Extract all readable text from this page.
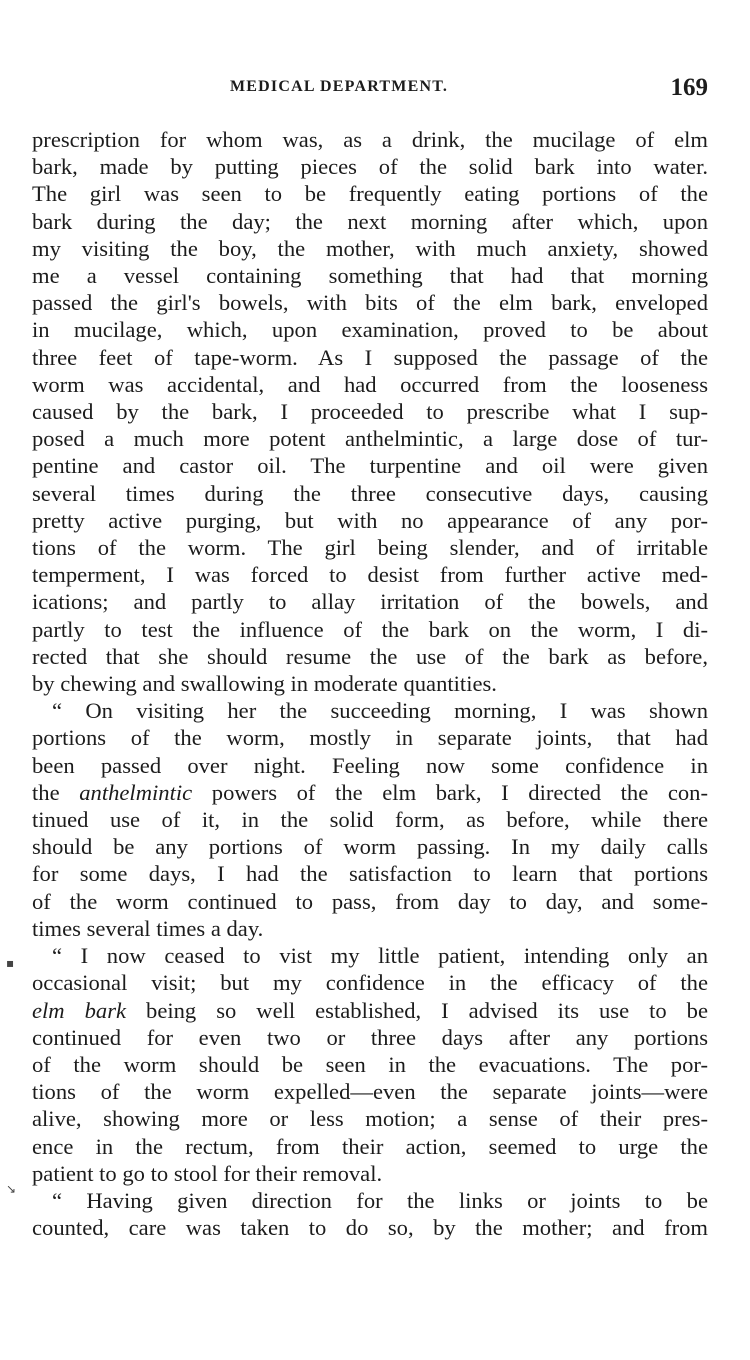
MEDICAL DEPARTMENT.	169
prescription for whom was, as a drink, the mucilage of elm
bark, made by putting pieces of the solid bark into water.
The girl was seen to be frequently eating portions of the
bark during the day; the next morning after which, upon
my visiting the boy, the mother, with much anxiety, showed
me a vessel containing something that had that morning
passed the girl's bowels, with bits of the elm bark, enveloped
in mucilage, which, upon examination, proved to be about
three feet of tape-worm. As I supposed the passage of the
worm was accidental, and had occurred from the looseness
caused by the bark, I proceeded to prescribe what I sup-
posed a much more potent anthelmintic, a large dose of tur-
pentine and castor oil. The turpentine and oil were given
several times during the three consecutive days, causing
pretty active purging, but with no appearance of any por-
tions of the worm. The girl being slender, and of irritable
temperment, I was forced to desist from further active med-
ications; and partly to allay irritation of the bowels, and
partly to test the influence of the bark on the worm, I di-
rected that she should resume the use of the bark as before,
by chewing and swallowing in moderate quantities.
“ On visiting her the succeeding morning, I was shown
portions of the worm, mostly in separate joints, that had
been passed over night. Feeling now some confidence in
the anthelmintic powers of the elm bark, I directed the con-
tinued use of it, in the solid form, as before, while there
should be any portions of worm passing. In my daily calls
for some days, I had the satisfaction to learn that portions
of the worm continued to pass, from day to day, and some-
times several times a day.
“ I now ceased to vist my little patient, intending only an
occasional visit; but my confidence in the efficacy of the
elm bark being so well established, I advised its use to be
continued for even two or three days after any portions
of the worm should be seen in the evacuations. The por-
tions of the worm expelled—even the separate joints—were
alive, showing more or less motion; a sense of their pres-
ence in the rectum, from their action, seemed to urge the
patient to go to stool for their removal.
“ Having given direction for the links or joints to be
counted, care was taken to do so, by the mother; and from
▪
↘
